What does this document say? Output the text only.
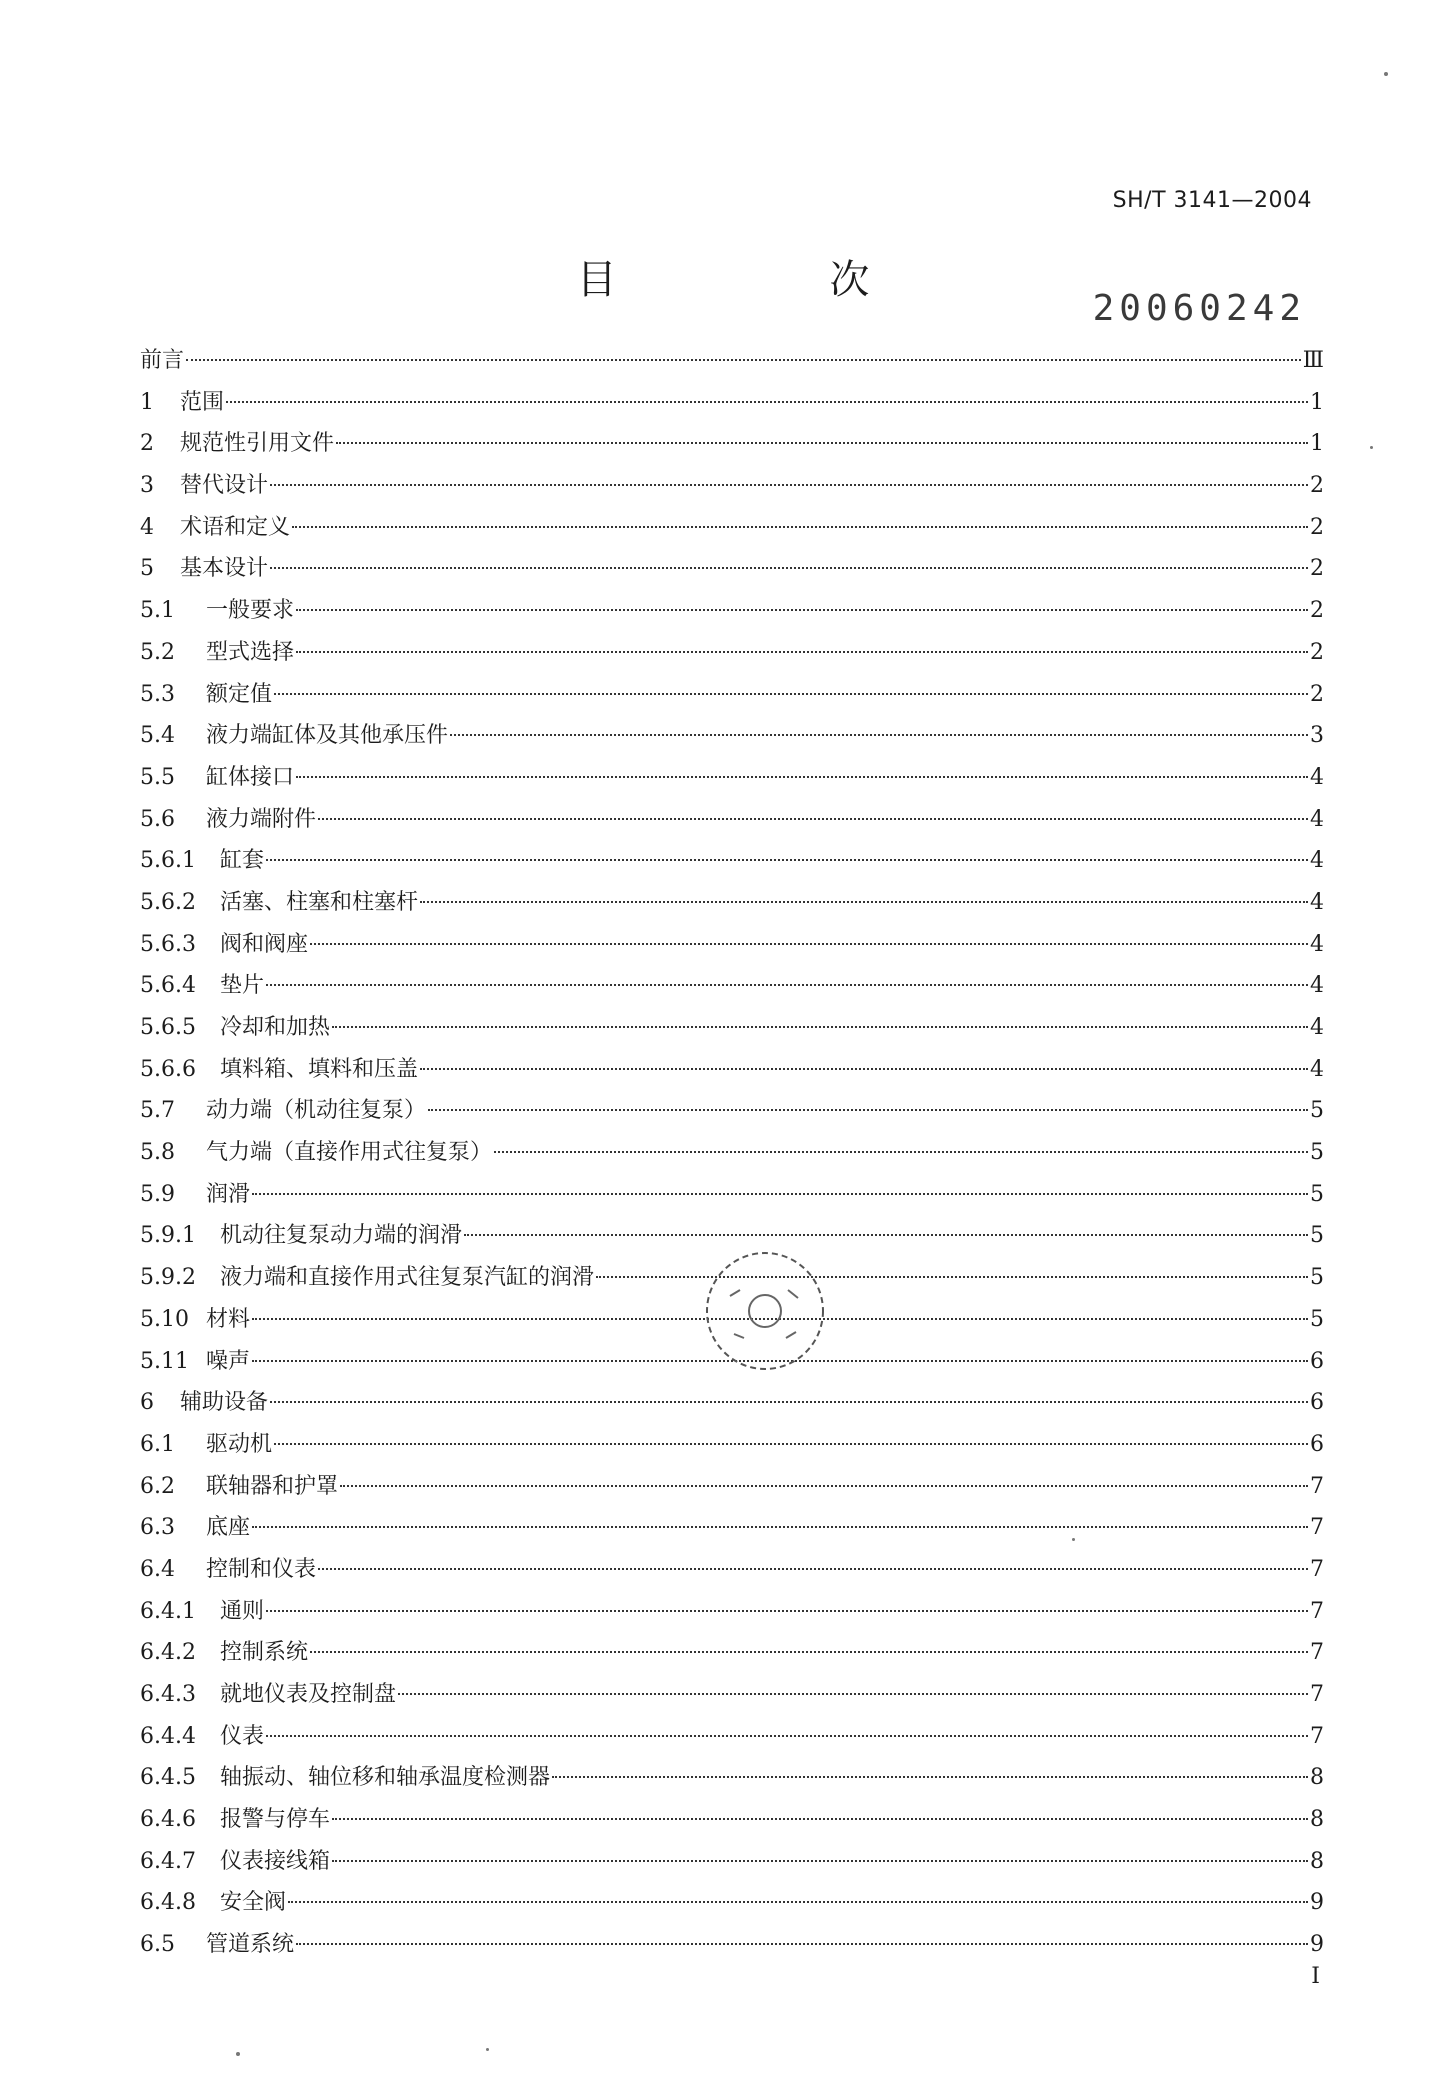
SH/T 3141—2004
目 次
20060242
前言	Ⅲ
1	范围	1
2	规范性引用文件	1
3	替代设计	2
4	术语和定义	2
5	基本设计	2
5.1	一般要求	2
5.2	型式选择	2
5.3	额定值	2
5.4	液力端缸体及其他承压件	3
5.5	缸体接口	4
5.6	液力端附件	4
5.6.1	缸套	4
5.6.2	活塞、柱塞和柱塞杆	4
5.6.3	阀和阀座	4
5.6.4	垫片	4
5.6.5	冷却和加热	4
5.6.6	填料箱、填料和压盖	4
5.7	动力端（机动往复泵）	5
5.8	气力端（直接作用式往复泵）	5
5.9	润滑	5
5.9.1	机动往复泵动力端的润滑	5
5.9.2	液力端和直接作用式往复泵汽缸的润滑	5
5.10 材料	5
5.11 噪声	6
6	辅助设备	6
6.1	驱动机	6
6.2	联轴器和护罩	7
6.3	底座	7
6.4	控制和仪表	7
6.4.1	通则	7
6.4.2	控制系统	7
6.4.3	就地仪表及控制盘	7
6.4.4	仪表	7
6.4.5	轴振动、轴位移和轴承温度检测器	8
6.4.6	报警与停车	8
6.4.7	仪表接线箱	8
6.4.8	安全阀	9
6.5	管道系统	9
I
